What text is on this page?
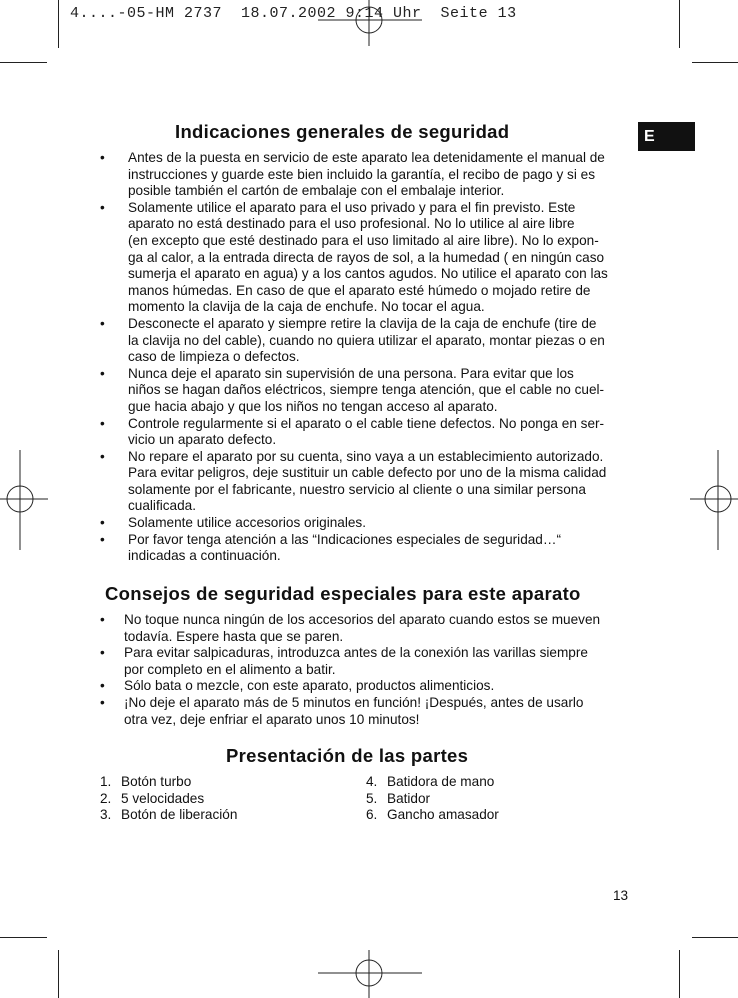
4....-05-HM 2737  18.07.2002 9:14 Uhr  Seite 13
E
Indicaciones generales de seguridad
• Antes de la puesta en servicio de este aparato lea detenidamente el manual de
instrucciones y guarde este bien incluido la garantía, el recibo de pago y si es
posible también el cartón de embalaje con el embalaje interior.
• Solamente utilice el aparato para el uso privado y para el fin previsto. Este
aparato no está destinado para el uso profesional. No lo utilice al aire libre
(en excepto que esté destinado para el uso limitado al aire libre). No lo expon-
ga al calor, a la entrada directa de rayos de sol, a la humedad ( en ningún caso
sumerja el aparato en agua) y a los cantos agudos. No utilice el aparato con las
manos húmedas. En caso de que el aparato esté húmedo o mojado retire de
momento la clavija de la caja de enchufe. No tocar el agua.
• Desconecte el aparato y siempre retire la clavija de la caja de enchufe (tire de
la clavija no del cable), cuando no quiera utilizar el aparato, montar piezas o en
caso de limpieza o defectos.
• Nunca deje el aparato sin supervisión de una persona. Para evitar que los
niños se hagan daños eléctricos, siempre tenga atención, que el cable no cuel-
gue hacia abajo y que los niños no tengan acceso al aparato.
• Controle regularmente si el aparato o el cable tiene defectos. No ponga en ser-
vicio un aparato defecto.
• No repare el aparato por su cuenta, sino vaya a un establecimiento autorizado.
Para evitar peligros, deje sustituir un cable defecto por uno de la misma calidad
solamente por el fabricante, nuestro servicio al cliente o una similar persona
cualificada.
• Solamente utilice accesorios originales.
• Por favor tenga atención a las “Indicaciones especiales de seguridad…“
indicadas a continuación.
Consejos de seguridad especiales para este aparato
• No toque nunca ningún de los accesorios del aparato cuando estos se mueven
todavía. Espere hasta que se paren.
• Para evitar salpicaduras, introduzca antes de la conexión las varillas siempre
por completo en el alimento a batir.
• Sólo bata o mezcle, con este aparato, productos alimenticios.
• ¡No deje el aparato más de 5 minutos en función! ¡Después, antes de usarlo
otra vez, deje enfriar el aparato unos 10 minutos!
Presentación de las partes
1. Botón turbo
2. 5 velocidades
3. Botón de liberación
4. Batidora de mano
5. Batidor
6. Gancho amasador
13
